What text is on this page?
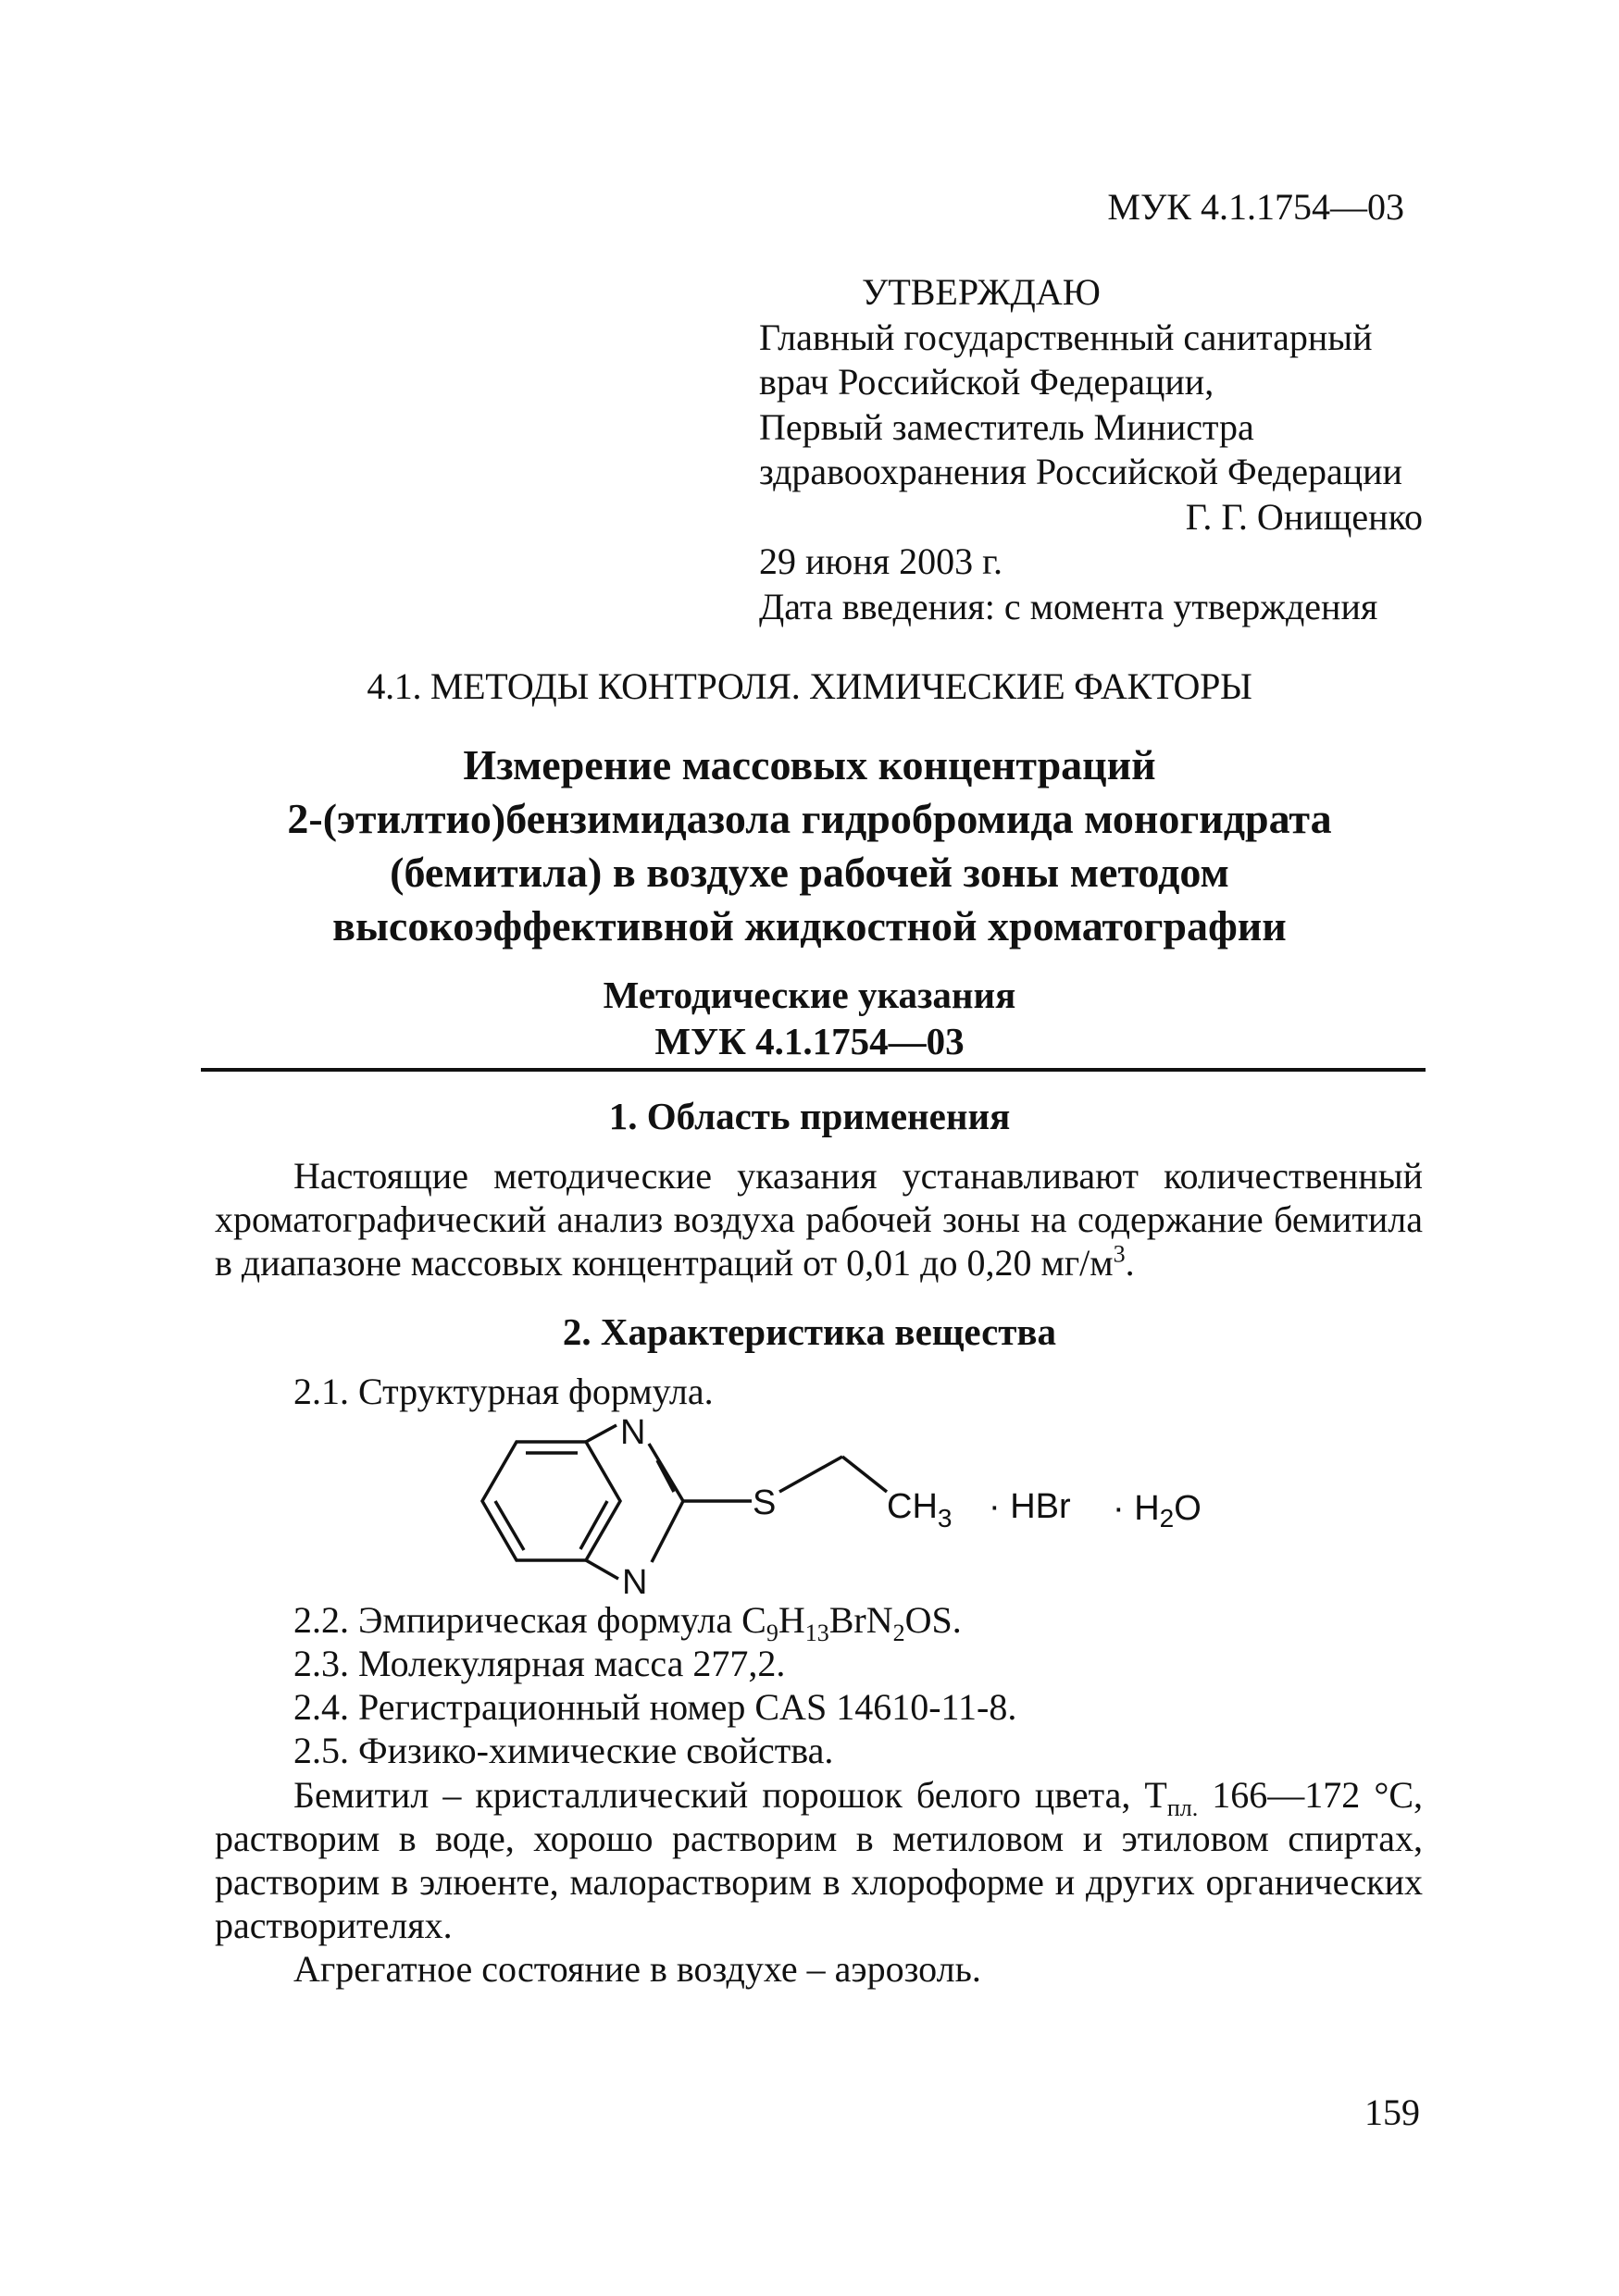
МУК 4.1.1754—03
УТВЕРЖДАЮ
Главный государственный санитарный
врач Российской Федерации,
Первый заместитель Министра
здравоохранения Российской Федерации
Г. Г. Онищенко
29 июня 2003 г.
Дата введения: с момента утверждения
4.1. МЕТОДЫ КОНТРОЛЯ. ХИМИЧЕСКИЕ ФАКТОРЫ
Измерение массовых концентраций
2-(этилтио)бензимидазола гидробромида моногидрата
(бемитила) в воздухе рабочей зоны методом
высокоэффективной жидкостной хроматографии
Методические указания
МУК 4.1.1754—03
1. Область применения

Настоящие методические указания устанавливают количественный хроматографический анализ воздуха рабочей зоны на содержание бемитила в диапазоне массовых концентраций от 0,01 до 0,20 $мг/м^3$.

2. Характеристика вещества
2.1. Структурная формула.
N
N
S	$CH_3$ · HBr · $H_2O$
2.2. Эмпирическая формула $C_9H_{13}BrN_2OS$.
2.3. Молекулярная масса 277,2.
2.4. Регистрационный номер CAS 14610-11-8.
2.5. Физико-химические свойства.

Бемитил – кристаллический порошок белого цвета, $Т_{пл.}$ 166—172 °С, растворим в воде, хорошо растворим в метиловом и этиловом спиртах, растворим в элюенте, малорастворим в хлороформе и других органических растворителях.

Агрегатное состояние в воздухе – аэрозоль.
159
